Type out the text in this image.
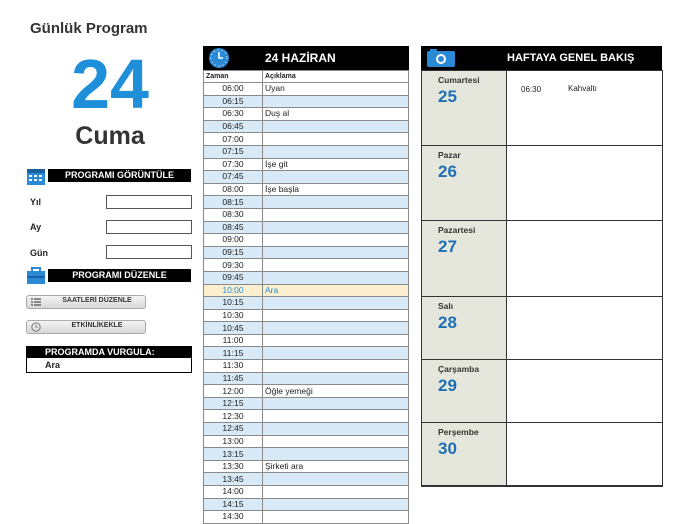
Günlük Program
24
Cuma
PROGRAMI GÖRÜNTÜLE
Yıl
Ay
Gün
PROGRAMI DÜZENLE
SAATLERİ DÜZENLE
ETKİNLİKEKLE
PROGRAMDA VURGULA:
Ara
24 HAZİRAN
Zaman	Açıklama
06:00	Uyan
06:15	
06:30	Duş al
06:45	
07:00	
07:15	
07:30	İşe git
07:45	
08:00	İşe başla
08:15	
08:30	
08:45	
09:00	
09:15	
09:30	
09:45	
10:00	Ara
10:15	
10:30	
10:45	
11:00	
11:15	
11:30	
11:45	
12:00	Öğle yemeği
12:15	
12:30	
12:45	
13:00	
13:15	
13:30	Şirketi ara
13:45	
14:00	
14:15	
14:30	
HAFTAYA GENEL BAKIŞ
Cumartesi
25	06:30	Kahvaltı
Pazar
26
Pazartesi
27
Salı
28
Çarşamba
29
Perşembe
30
